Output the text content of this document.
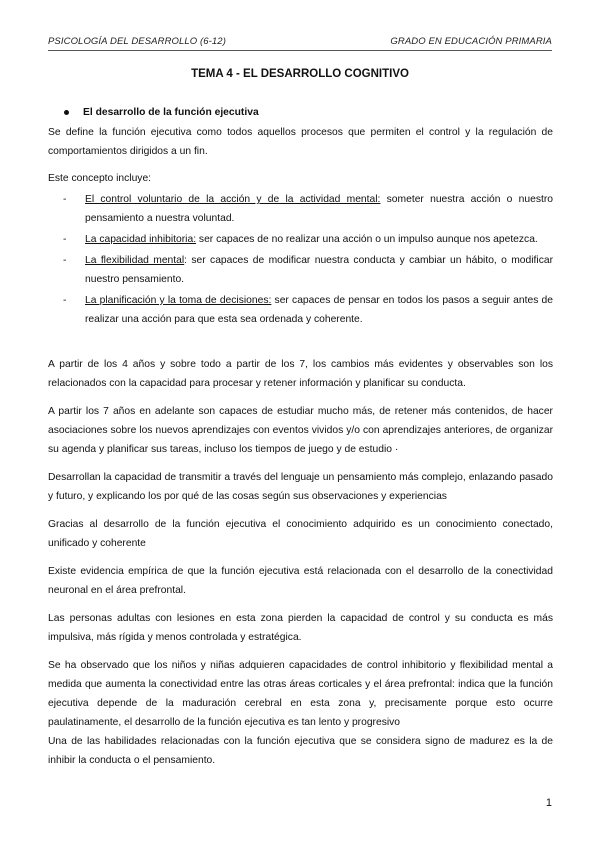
PSICOLOGÍA DEL DESARROLLO (6-12)	GRADO EN EDUCACIÓN PRIMARIA
TEMA 4 - EL DESARROLLO COGNITIVO
El desarrollo de la función ejecutiva

Se define la función ejecutiva como todos aquellos procesos que permiten el control y la regulación de comportamientos dirigidos a un fin.

Este concepto incluye:

- El control voluntario de la acción y de la actividad mental: someter nuestra acción o nuestro pensamiento a nuestra voluntad.
- La capacidad inhibitoria: ser capaces de no realizar una acción o un impulso aunque nos apetezca.
- La flexibilidad mental: ser capaces de modificar nuestra conducta y cambiar un hábito, o modificar nuestro pensamiento.
- La planificación y la toma de decisiones: ser capaces de pensar en todos los pasos a seguir antes de realizar una acción para que esta sea ordenada y coherente.

A partir de los 4 años y sobre todo a partir de los 7, los cambios más evidentes y observables son los relacionados con la capacidad para procesar y retener información y planificar su conducta.

A partir los 7 años en adelante son capaces de estudiar mucho más, de retener más contenidos, de hacer asociaciones sobre los nuevos aprendizajes con eventos vividos y/o con aprendizajes anteriores, de organizar su agenda y planificar sus tareas, incluso los tiempos de juego y de estudio ·

Desarrollan la capacidad de transmitir a través del lenguaje un pensamiento más complejo, enlazando pasado y futuro, y explicando los por qué de las cosas según sus observaciones y experiencias

Gracias al desarrollo de la función ejecutiva el conocimiento adquirido es un conocimiento conectado, unificado y coherente

Existe evidencia empírica de que la función ejecutiva está relacionada con el desarrollo de la conectividad neuronal en el área prefrontal.

Las personas adultas con lesiones en esta zona pierden la capacidad de control y su conducta es más impulsiva, más rígida y menos controlada y estratégica.

Se ha observado que los niños y niñas adquieren capacidades de control inhibitorio y flexibilidad mental a medida que aumenta la conectividad entre las otras áreas corticales y el área prefrontal: indica que la función ejecutiva depende de la maduración cerebral en esta zona y, precisamente porque esto ocurre paulatinamente, el desarrollo de la función ejecutiva es tan lento y progresivo

Una de las habilidades relacionadas con la función ejecutiva que se considera signo de madurez es la de inhibir la conducta o el pensamiento.

1
